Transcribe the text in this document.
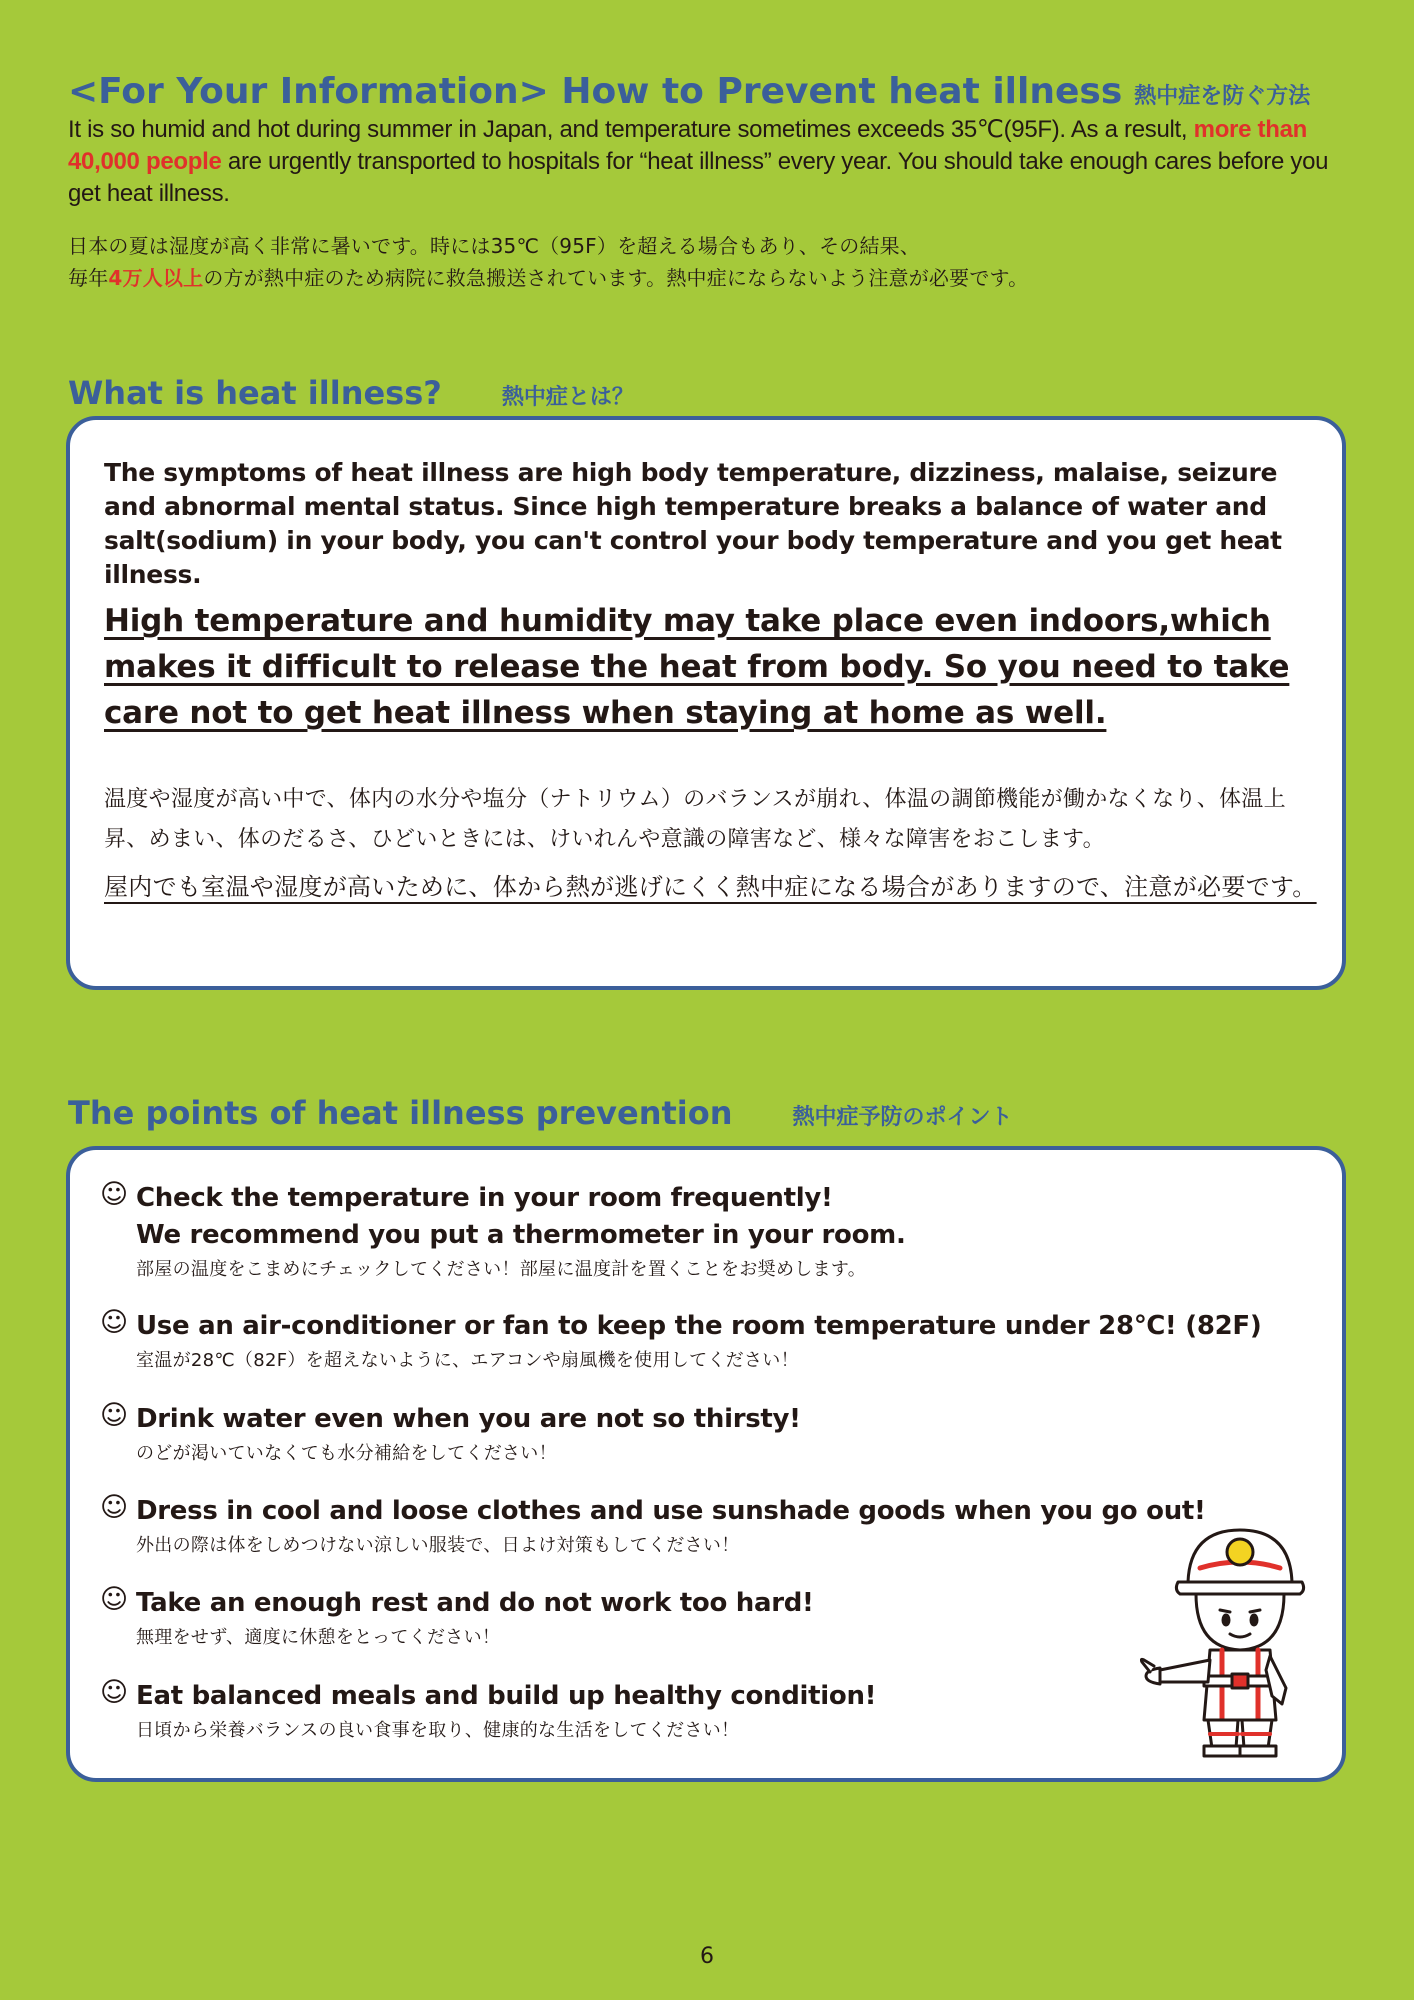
<For Your Information> How to Prevent heat illness 熱中症を防ぐ方法
It is so humid and hot during summer in Japan, and temperature sometimes exceeds 35℃(95F). As a result, more than 40,000 people are urgently transported to hospitals for “heat illness” every year. You should take enough cares before you get heat illness.
日本の夏は湿度が高く非常に暑いです。時には35℃（95F）を超える場合もあり、その結果、
毎年4万人以上の方が熱中症のため病院に救急搬送されています。熱中症にならないよう注意が必要です。
What is heat illness?	熱中症とは？
The symptoms of heat illness are high body temperature, dizziness, malaise, seizure and abnormal mental status. Since high temperature breaks a balance of water and salt(sodium) in your body, you can't control your body temperature and you get heat illness.
High temperature and humidity may take place even indoors,which makes it difficult to release the heat from body. So you need to take care not to get heat illness when staying at home as well.
温度や湿度が高い中で、体内の水分や塩分（ナトリウム）のバランスが崩れ、体温の調節機能が働かなくなり、体温上昇、めまい、体のだるさ、ひどいときには、けいれんや意識の障害など、様々な障害をおこします。
屋内でも室温や湿度が高いために、体から熱が逃げにくく熱中症になる場合がありますので、注意が必要です。
The points of heat illness prevention	熱中症予防のポイント
☺ Check the temperature in your room frequently!
We recommend you put a thermometer in your room.
部屋の温度をこまめにチェックしてください！部屋に温度計を置くことをお奨めします。
☺ Use an air-conditioner or fan to keep the room temperature under 28℃! (82F)
室温が28℃（82F）を超えないように、エアコンや扇風機を使用してください！
☺ Drink water even when you are not so thirsty!
のどが渇いていなくても水分補給をしてください！
☺ Dress in cool and loose clothes and use sunshade goods when you go out!
外出の際は体をしめつけない涼しい服装で、日よけ対策もしてください！
☺ Take an enough rest and do not work too hard!
無理をせず、適度に休憩をとってください！
☺ Eat balanced meals and build up healthy condition!
日頃から栄養バランスの良い食事を取り、健康的な生活をしてください！
6
